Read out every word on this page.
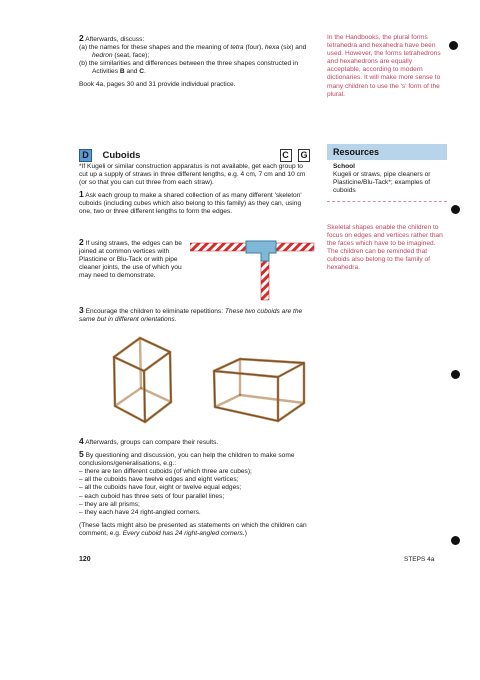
2 Afterwards, discuss:

(a) the names for these shapes and the meaning of tetra (four), hexa (six) and hedron (seat, face);

(b) the similarities and differences between the three shapes constructed in Activities B and C.

Book 4a, pages 30 and 31 provide individual practice.

In the Handbooks, the plural forms tetrahedra and hexahedra have been used. However, the forms tetrahedrons and hexahedrons are equally acceptable, according to modern dictionaries. It will make more sense to many children to use the 's' form of the plural.
D Cuboids	C G	Resources
School
Kugeli or straws, pipe cleaners or Plasticine/Blu-Tack*; examples of cuboids
Skeletal shapes enable the children to focus on edges and vertices rather than the faces which have to be imagined. The children can be reminded that cuboids also belong to the family of hexahedra.

*If Kugeli or similar construction apparatus is not available, get each group to cut up a supply of straws in three different lengths, e.g. 4 cm, 7 cm and 10 cm (or so that you can cut three from each straw).

1 Ask each group to make a shared collection of as many different 'skeleton' cuboids (including cubes which also belong to this family) as they can, using one, two or three different lengths to form the edges.

2 If using straws, the edges can be joined at common vertices with Plasticine or Blu-Tack or with pipe cleaner joints, the use of which you may need to demonstrate.

3 Encourage the children to eliminate repetitions: These two cuboids are the same but in different orientations.

4 Afterwards, groups can compare their results.

5 By questioning and discussion, you can help the children to make some conclusions/generalisations, e.g.:

– there are ten different cuboids (of which three are cubes);

– all the cuboids have twelve edges and eight vertices;

– all the cuboids have four, eight or twelve equal edges;

– each cuboid has three sets of four parallel lines;

– they are all prisms;

– they each have 24 right-angled corners.

(These facts might also be presented as statements on which the children can comment, e.g. Every cuboid has 24 right-angled corners.)

120	STEPS 4a
